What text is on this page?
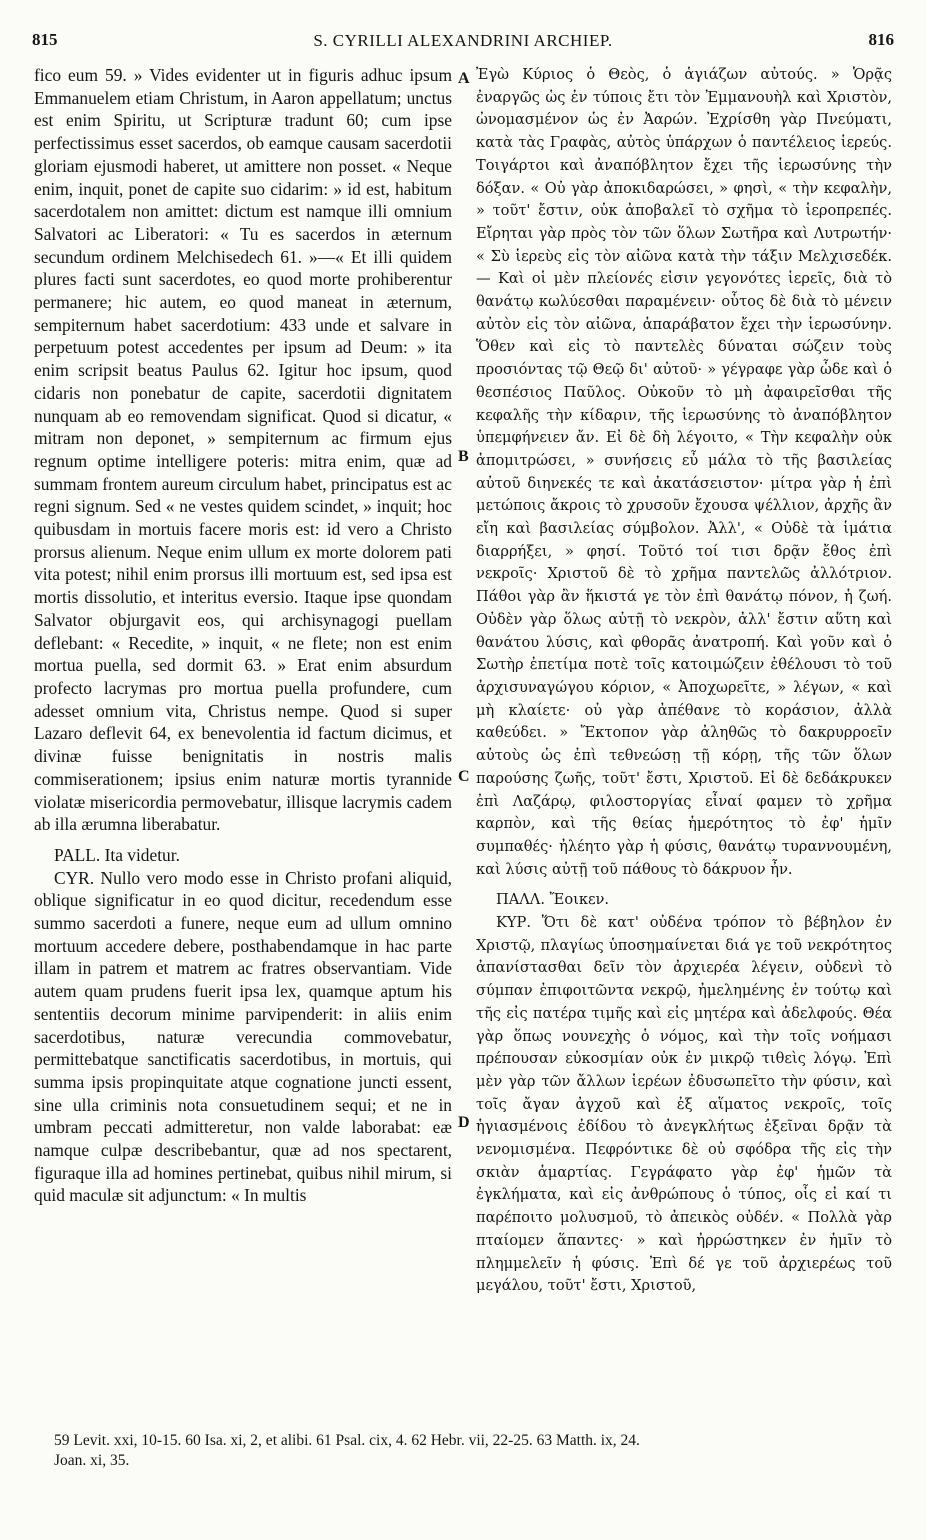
815	S. CYRILLI ALEXANDRINI ARCHIEP.	816

fico eum 59. » Vides evidenter ut in figuris adhuc ipsum Emmanuelem etiam Christum, in Aaron appellatum; unctus est enim Spiritu, ut Scripturæ tradunt 60; cum ipse perfectissimus esset sacerdos, ob eamque causam sacerdotii gloriam ejusmodi haberet, ut amittere non posset. « Neque enim, inquit, ponet de capite suo cidarim: » id est, habitum sacerdotalem non amittet: dictum est namque illi omnium Salvatori ac Liberatori: « Tu es sacerdos in æternum secundum ordinem Melchisedech 61. »—« Et illi quidem plures facti sunt sacerdotes, eo quod morte prohiberentur permanere; hic autem, eo quod maneat in æternum, sempiternum habet sacerdotium: 433 unde et salvare in perpetuum potest accedentes per ipsum ad Deum: » ita enim scripsit beatus Paulus 62. Igitur hoc ipsum, quod cidaris non ponebatur de capite, sacerdotii dignitatem nunquam ab eo removendam significat. Quod si dicatur, « mitram non deponet, » sempiternum ac firmum ejus regnum optime intelligere poteris: mitra enim, quæ ad summam frontem aureum circulum habet, principatus est ac regni signum. Sed « ne vestes quidem scindet, » inquit; hoc quibusdam in mortuis facere moris est: id vero a Christo prorsus alienum. Neque enim ullum ex morte dolorem pati vita potest; nihil enim prorsus illi mortuum est, sed ipsa est mortis dissolutio, et interitus eversio. Itaque ipse quondam Salvator objurgavit eos, qui archisynagogi puellam deflebant: « Recedite, » inquit, « ne flete; non est enim mortua puella, sed dormit 63. » Erat enim absurdum profecto lacrymas pro mortua puella profundere, cum adesset omnium vita, Christus nempe. Quod si super Lazaro deflevit 64, ex benevolentia id factum dicimus, et divinæ fuisse benignitatis in nostris malis commiserationem; ipsius enim naturæ mortis tyrannide violatæ misericordia permovebatur, illisque lacrymis cadem ab illa ærumna liberabatur.

PALL. Ita videtur.

CYR. Nullo vero modo esse in Christo profani aliquid, oblique significatur in eo quod dicitur, recedendum esse summo sacerdoti a funere, neque eum ad ullum omnino mortuum accedere debere, posthabendamque in hac parte illam in patrem et matrem ac fratres observantiam. Vide autem quam prudens fuerit ipsa lex, quamque aptum his sententiis decorum minime parvipenderit: in aliis enim sacerdotibus, naturæ verecundia commovebatur, permittebatque sanctificatis sacerdotibus, in mortuis, qui summa ipsis propinquitate atque cognatione juncti essent, sine ulla criminis nota consuetudinem sequi; et ne in umbram peccati admitteretur, non valde laborabat: eæ namque culpæ describebantur, quæ ad nos spectarent, figuraque illa ad homines pertinebat, quibus nihil mirum, si quid maculæ sit adjunctum: « In multis

Ἐγὼ Κύριος ὁ Θεὸς, ὁ ἁγιάζων αὐτούς. » Ὁρᾷς ἐναργῶς ὡς ἐν τύποις ἔτι τὸν Ἐμμανουὴλ καὶ Χριστὸν, ὠνομασμένον ὡς ἐν Ἀαρών. Ἐχρίσθη γὰρ Πνεύματι, κατὰ τὰς Γραφὰς, αὐτὸς ὑπάρχων ὁ παντέλειος ἱερεύς. Τοιγάρτοι καὶ ἀναπόβλητον ἔχει τῆς ἱερωσύνης τὴν δόξαν. « Οὐ γὰρ ἀποκιδαρώσει, » φησὶ, « τὴν κεφαλὴν, » τοῦτ' ἔστιν, οὐκ ἀποβαλεῖ τὸ σχῆμα τὸ ἱεροπρεπές. Εἴρηται γὰρ πρὸς τὸν τῶν ὅλων Σωτῆρα καὶ Λυτρωτήν· « Σὺ ἱερεὺς εἰς τὸν αἰῶνα κατὰ τὴν τάξιν Μελχισεδέκ. — Καὶ οἱ μὲν πλείονές εἰσιν γεγονότες ἱερεῖς, διὰ τὸ θανάτῳ κωλύεσθαι παραμένειν· οὗτος δὲ διὰ τὸ μένειν αὐτὸν εἰς τὸν αἰῶνα, ἀπαράβατον ἔχει τὴν ἱερωσύνην. Ὅθεν καὶ εἰς τὸ παντελὲς δύναται σώζειν τοὺς προσιόντας τῷ Θεῷ δι' αὐτοῦ· » γέγραφε γὰρ ὧδε καὶ ὁ θεσπέσιος Παῦλος. Οὐκοῦν τὸ μὴ ἀφαιρεῖσθαι τῆς κεφαλῆς τὴν κίδαριν, τῆς ἱερωσύνης τὸ ἀναπόβλητον ὑπεμφήνειεν ἄν. Εἰ δὲ δὴ λέγοιτο, « Τὴν κεφαλὴν οὐκ ἀπομιτρώσει, » συνήσεις εὖ μάλα τὸ τῆς βασιλείας αὐτοῦ διηνεκές τε καὶ ἀκατάσειστον· μίτρα γὰρ ἡ ἐπὶ μετώποις ἄκροις τὸ χρυσοῦν ἔχουσα ψέλλιον, ἀρχῆς ἂν εἴη καὶ βασιλείας σύμβολον. Ἀλλ', « Οὐδὲ τὰ ἱμάτια διαρρήξει, » φησί. Τοῦτό τοί τισι δρᾷν ἔθος ἐπὶ νεκροῖς· Χριστοῦ δὲ τὸ χρῆμα παντελῶς ἀλλότριον. Πάθοι γὰρ ἂν ἥκιστά γε τὸν ἐπὶ θανάτῳ πόνον, ἡ ζωή. Οὐδὲν γὰρ ὅλως αὐτῇ τὸ νεκρὸν, ἀλλ' ἔστιν αὕτη καὶ θανάτου λύσις, καὶ φθορᾶς ἀνατροπή. Καὶ γοῦν καὶ ὁ Σωτὴρ ἐπετίμα ποτὲ τοῖς κατοιμώζειν ἐθέλουσι τὸ τοῦ ἀρχισυναγώγου κόριον, « Ἀποχωρεῖτε, » λέγων, « καὶ μὴ κλαίετε· οὐ γὰρ ἀπέθανε τὸ κοράσιον, ἀλλὰ καθεύδει. » Ἔκτοπον γὰρ ἀληθῶς τὸ δακρυρροεῖν αὐτοὺς ὡς ἐπὶ τεθνεώσῃ τῇ κόρῃ, τῆς τῶν ὅλων παρούσης ζωῆς, τοῦτ' ἔστι, Χριστοῦ. Εἰ δὲ δεδάκρυκεν ἐπὶ Λαζάρῳ, φιλοστοργίας εἶναί φαμεν τὸ χρῆμα καρπὸν, καὶ τῆς θείας ἡμερότητος τὸ ἐφ' ἡμῖν συμπαθές· ἠλέητο γὰρ ἡ φύσις, θανάτῳ τυραννουμένη, καὶ λύσις αὐτῇ τοῦ πάθους τὸ δάκρυον ἦν.

ΠΑΛΛ. Ἔοικεν.

ΚΥΡ. Ὅτι δὲ κατ' οὐδένα τρόπον τὸ βέβηλον ἐν Χριστῷ, πλαγίως ὑποσημαίνεται διά γε τοῦ νεκρότητος ἀπανίστασθαι δεῖν τὸν ἀρχιερέα λέγειν, οὐδενὶ τὸ σύμπαν ἐπιφοιτῶντα νεκρῷ, ἠμελημένης ἐν τούτῳ καὶ τῆς εἰς πατέρα τιμῆς καὶ εἰς μητέρα καὶ ἀδελφούς. Θέα γὰρ ὅπως νουνεχὴς ὁ νόμος, καὶ τὴν τοῖς νοήμασι πρέπουσαν εὐκοσμίαν οὐκ ἐν μικρῷ τιθεὶς λόγῳ. Ἐπὶ μὲν γὰρ τῶν ἄλλων ἱερέων ἐδυσωπεῖτο τὴν φύσιν, καὶ τοῖς ἄγαν ἀγχοῦ καὶ ἐξ αἵματος νεκροῖς, τοῖς ἡγιασμένοις ἐδίδου τὸ ἀνεγκλήτως ἐξεῖναι δρᾷν τὰ νενομισμένα. Πεφρόντικε δὲ οὐ σφόδρα τῆς εἰς τὴν σκιὰν ἁμαρτίας. Γεγράφατο γὰρ ἐφ' ἡμῶν τὰ ἐγκλήματα, καὶ εἰς ἀνθρώπους ὁ τύπος, οἷς εἰ καί τι παρέποιτο μολυσμοῦ, τὸ ἀπεικὸς οὐδέν. « Πολλὰ γὰρ πταίομεν ἅπαντες· » καὶ ἠρρώστηκεν ἐν ἡμῖν τὸ πλημμελεῖν ἡ φύσις. Ἐπὶ δέ γε τοῦ ἀρχιερέως τοῦ μεγάλου, τοῦτ' ἔστι, Χριστοῦ,

A
B
C
D

59 Levit. xxi, 10-15. 60 Isa. xi, 2, et alibi. 61 Psal. cix, 4. 62 Hebr. vii, 22-25. 63 Matth. ix, 24.

Joan. xi, 35.
